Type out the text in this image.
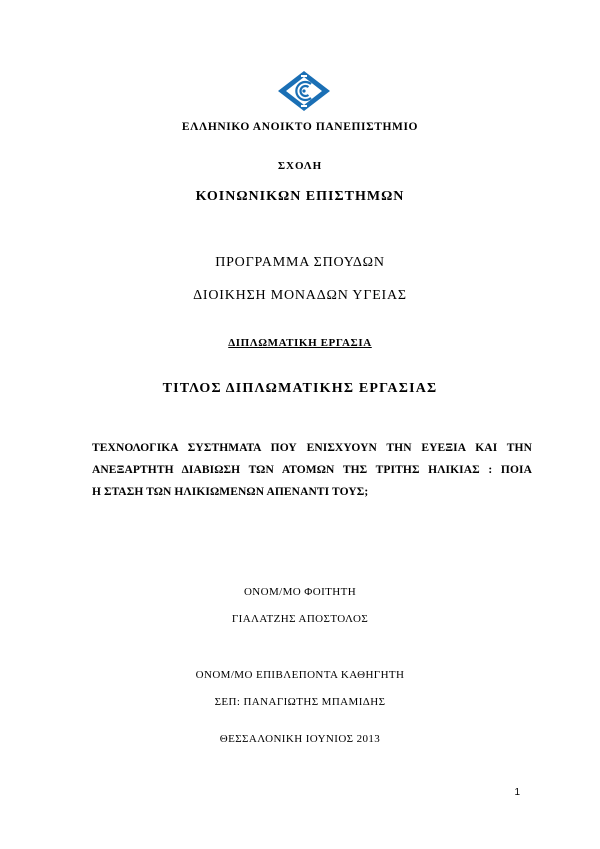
ΕΛΛΗΝΙΚΟ ΑΝΟΙΚΤΟ ΠΑΝΕΠΙΣΤΗΜΙΟ
ΣΧΟΛΗ
ΚΟΙΝΩΝΙΚΩΝ ΕΠΙΣΤΗΜΩΝ
ΠΡΟΓΡΑΜΜΑ ΣΠΟΥΔΩΝ
ΔΙΟΙΚΗΣΗ ΜΟΝΑΔΩΝ ΥΓΕΙΑΣ
ΔΙΠΛΩΜΑΤΙΚΗ ΕΡΓΑΣΙΑ
ΤΙΤΛΟΣ ΔΙΠΛΩΜΑΤΙΚΗΣ ΕΡΓΑΣΙΑΣ
ΤΕΧΝΟΛΟΓΙΚΑ ΣΥΣΤΗΜΑΤΑ ΠΟΥ ΕΝΙΣΧΥΟΥΝ ΤΗΝ ΕΥΕΞΙΑ ΚΑΙ ΤΗΝ
ΑΝΕΞΑΡΤΗΤΗ ΔΙΑΒΙΩΣΗ ΤΩΝ ΑΤΟΜΩΝ ΤΗΣ ΤΡΙΤΗΣ ΗΛΙΚΙΑΣ : ΠΟΙΑ
Η ΣΤΑΣΗ ΤΩΝ ΗΛΙΚΙΩΜΕΝΩΝ ΑΠΕΝΑΝΤΙ ΤΟΥΣ;
ΟΝΟΜ/ΜΟ ΦΟΙΤΗΤΗ
ΓΙΑΛΑΤΖΗΣ ΑΠΟΣΤΟΛΟΣ
ΟΝΟΜ/ΜΟ ΕΠΙΒΛΕΠΟΝΤΑ ΚΑΘΗΓΗΤΗ
ΣΕΠ: ΠΑΝΑΓΙΩΤΗΣ ΜΠΑΜΙΔΗΣ
ΘΕΣΣΑΛΟΝΙΚΗ ΙΟΥΝΙΟΣ 2013
1
